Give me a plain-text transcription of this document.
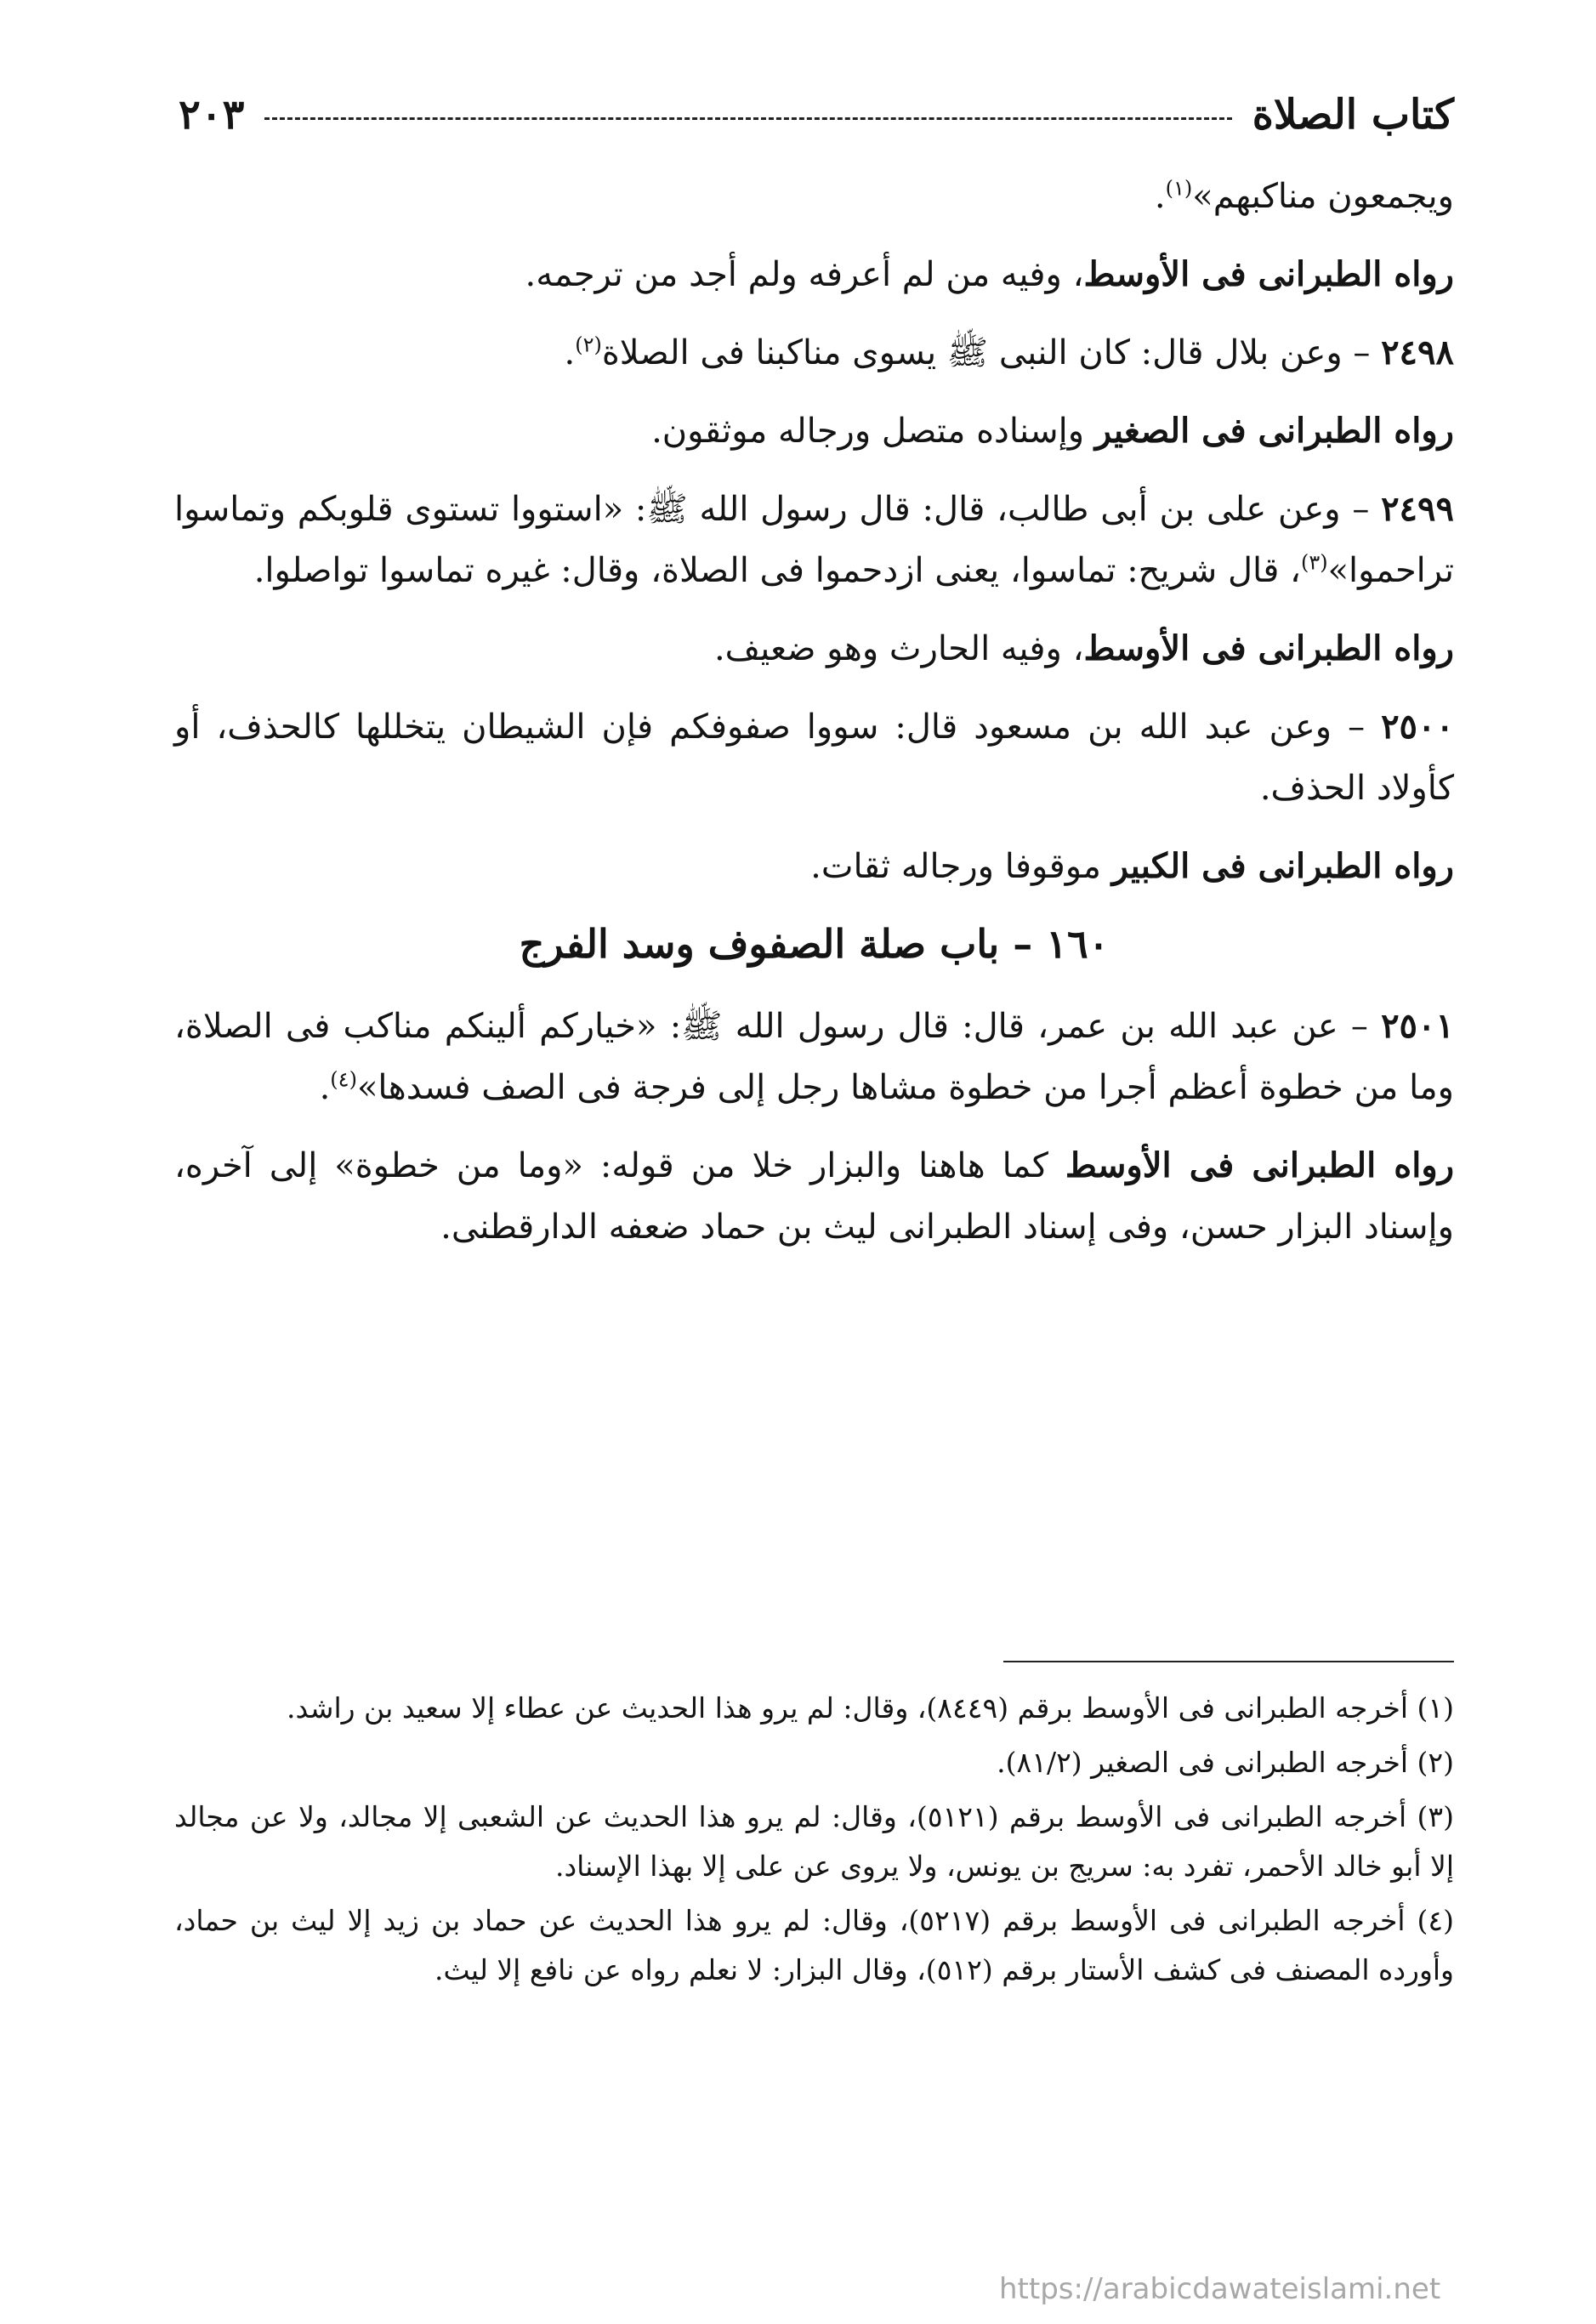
كتاب الصلاة
٢٠٣

ويجمعون مناكبهم»$^{(١)}$.

رواه الطبرانى فى الأوسط، وفيه من لم أعرفه ولم أجد من ترجمه.

٢٤٩٨ – وعن بلال قال: كان النبى ﷺ يسوى مناكبنا فى الصلاة$^{(٢)}$.

رواه الطبرانى فى الصغير وإسناده متصل ورجاله موثقون.

٢٤٩٩ – وعن على بن أبى طالب، قال: قال رسول الله ﷺ: «استووا تستوى قلوبكم وتماسوا تراحموا»$^{(٣)}$، قال شريح: تماسوا، يعنى ازدحموا فى الصلاة، وقال: غيره تماسوا تواصلوا.

رواه الطبرانى فى الأوسط، وفيه الحارث وهو ضعيف.

٢٥٠٠ – وعن عبد الله بن مسعود قال: سووا صفوفكم فإن الشيطان يتخللها كالحذف، أو كأولاد الحذف.

رواه الطبرانى فى الكبير موقوفا ورجاله ثقات.

١٦٠ – باب صلة الصفوف وسد الفرج

٢٥٠١ – عن عبد الله بن عمر، قال: قال رسول الله ﷺ: «خياركم ألينكم مناكب فى الصلاة، وما من خطوة أعظم أجرا من خطوة مشاها رجل إلى فرجة فى الصف فسدها»$^{(٤)}$.

رواه الطبرانى فى الأوسط كما هاهنا والبزار خلا من قوله: «وما من خطوة» إلى آخره، وإسناد البزار حسن، وفى إسناد الطبرانى ليث بن حماد ضعفه الدارقطنى.

(١) أخرجه الطبرانى فى الأوسط برقم (٨٤٤٩)، وقال: لم يرو هذا الحديث عن عطاء إلا سعيد بن راشد.

(٢) أخرجه الطبرانى فى الصغير (٨١/٢).

(٣) أخرجه الطبرانى فى الأوسط برقم (٥١٢١)، وقال: لم يرو هذا الحديث عن الشعبى إلا مجالد، ولا عن مجالد إلا أبو خالد الأحمر، تفرد به: سريج بن يونس، ولا يروى عن على إلا بهذا الإسناد.

(٤) أخرجه الطبرانى فى الأوسط برقم (٥٢١٧)، وقال: لم يرو هذا الحديث عن حماد بن زيد إلا ليث بن حماد، وأورده المصنف فى كشف الأستار برقم (٥١٢)، وقال البزار: لا نعلم رواه عن نافع إلا ليث.

https://arabicdawateislami.net
